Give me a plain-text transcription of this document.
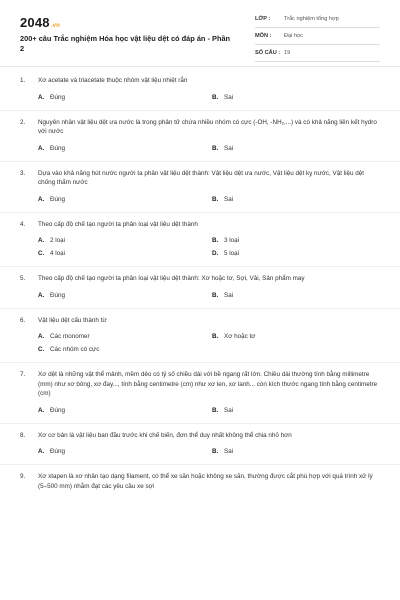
2048.vn
200+ câu Trắc nghiệm Hóa học vật liệu dệt có đáp án - Phần 2
LỚP : Trắc nghiệm tổng hợp
MÔN : Đại học
SỐ CÂU : 19
1. Xơ acetate và triacetate thuộc nhóm vật liệu nhiệt rắn
A. Đúng	B. Sai
2. Nguyên nhân vật liệu dệt ưa nước là trong phân tử chứa nhiều nhóm có cực (-OH, -NH₂,...) và có khả năng liên kết hydro với nước
A. Đúng	B. Sai
3. Dựa vào khả năng hút nước người ta phân vật liệu dệt thành: Vật liệu dệt ưa nước, Vật liệu dệt kỵ nước, Vật liệu dệt chống thấm nước
A. Đúng	B. Sai
4. Theo cấp độ chế tạo người ta phân loại vật liệu dệt thành
A. 2 loại	B. 3 loại
C. 4 loại	D. 5 loại
5. Theo cấp độ chế tạo người ta phân loại vật liệu dệt thành: Xơ hoặc tơ, Sợi, Vải, Sản phẩm may
A. Đúng	B. Sai
6. Vật liệu dệt cấu thành từ
A. Các monomer	B. Xơ hoặc tơ
C. Các nhóm có cực
7. Xơ dệt là những vật thể mảnh, mềm dẻo có tỷ số chiều dài với bề ngang rất lớn. Chiều dài thường tính bằng millimetre (mm) như xơ bông, xơ đay..., tính bằng centimetre (cm) như xơ len, xơ lanh... còn kích thước ngang tính bằng centimetre (cm)
A. Đúng	B. Sai
8. Xơ cơ bản là vật liệu ban đầu trước khi chế biến, đơn thể duy nhất không thể chia nhỏ hơn
A. Đúng	B. Sai
9. Xơ xtapen là xơ nhân tạo dạng filament, có thể xe săn hoặc không xe săn, thường được cắt phù hợp với quá trình xử lý (5–500 mm) nhằm đạt các yêu cầu xe sợi
